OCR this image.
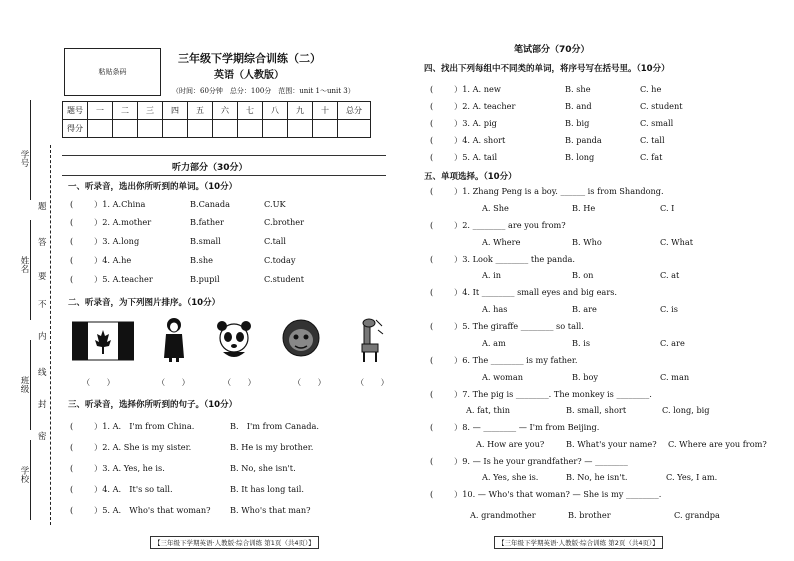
学号
姓名
班级
学校
题
答
要
不
内
线
封
密
粘贴条码
三年级下学期综合训练（二）
英语（人教版）
（时间：60分钟　总分：100分　范围：unit 1～unit 3）
题号	一	二	三	四	五	六	七	八	九	十	总分
得分											
听力部分（30分）
一、听录音，选出你所听到的单词。（10分）
(	）1. A.China	B.Canada	C.UK
(	）2. A.mother	B.father	C.brother
(	）3. A.long	B.small	C.tall
(	）4. A.he	B.she	C.today
(	）5. A.teacher	B.pupil	C.student
二、听录音，为下列图片排序。（10分）
（　　）	（　　）	（　　）	（　　）	（　　）
三、听录音，选择你所听到的句子。（10分）
(	）1. A.　I'm from China.	B.　I'm from Canada.
(	）2. A. She is my sister.	B. He is my brother.
(	）3. A. Yes, he is.	B. No, she isn't.
(	）4. A.　It's so tall.	B. It has long tail.
(	）5. A.　Who's that woman? B. Who's that man?
【三年级下学期英语·人教版·综合训练 第1页（共4页）】
笔试部分（70分）
四、找出下列每组中不同类的单词，将序号写在括号里。（10分）
(	）1. A. new	B. she	C. he
(	）2. A. teacher	B. and	C. student
(	）3. A. pig	B. big	C. small
(	）4. A. short	B. panda	C. tall
(	）5. A. tail	B. long	C. fat
五、单项选择。（10分）
(	）1. Zhang Peng is a boy. ______ is from Shandong.
A. She	B. He	C. I
(	）2. ________ are you from?
A. Where	B. Who	C. What
(	）3. Look ________ the panda.
A. in	B. on	C. at
(	）4. It ________ small eyes and big ears.
A. has	B. are	C. is
(	）5. The giraffe ________ so tall.
A. am	B. is	C. are
(	）6. The ________ is my father.
A. woman	B. boy	C. man
(	）7. The pig is ________. The monkey is ________.
A. fat, thin	B. small, short	C. long, big
(	）8. — ________ — I'm from Beijing.
A. How are you?	B. What's your name? C. Where are you from?
(	）9. — Is he your grandfather? — ________
A. Yes, she is.	B. No, he isn't.	C. Yes, I am.
(	）10. — Who's that woman? — She is my ________.
A. grandmother	B. brother	C. grandpa
【三年级下学期英语·人教版·综合训练 第2页（共4页）】
